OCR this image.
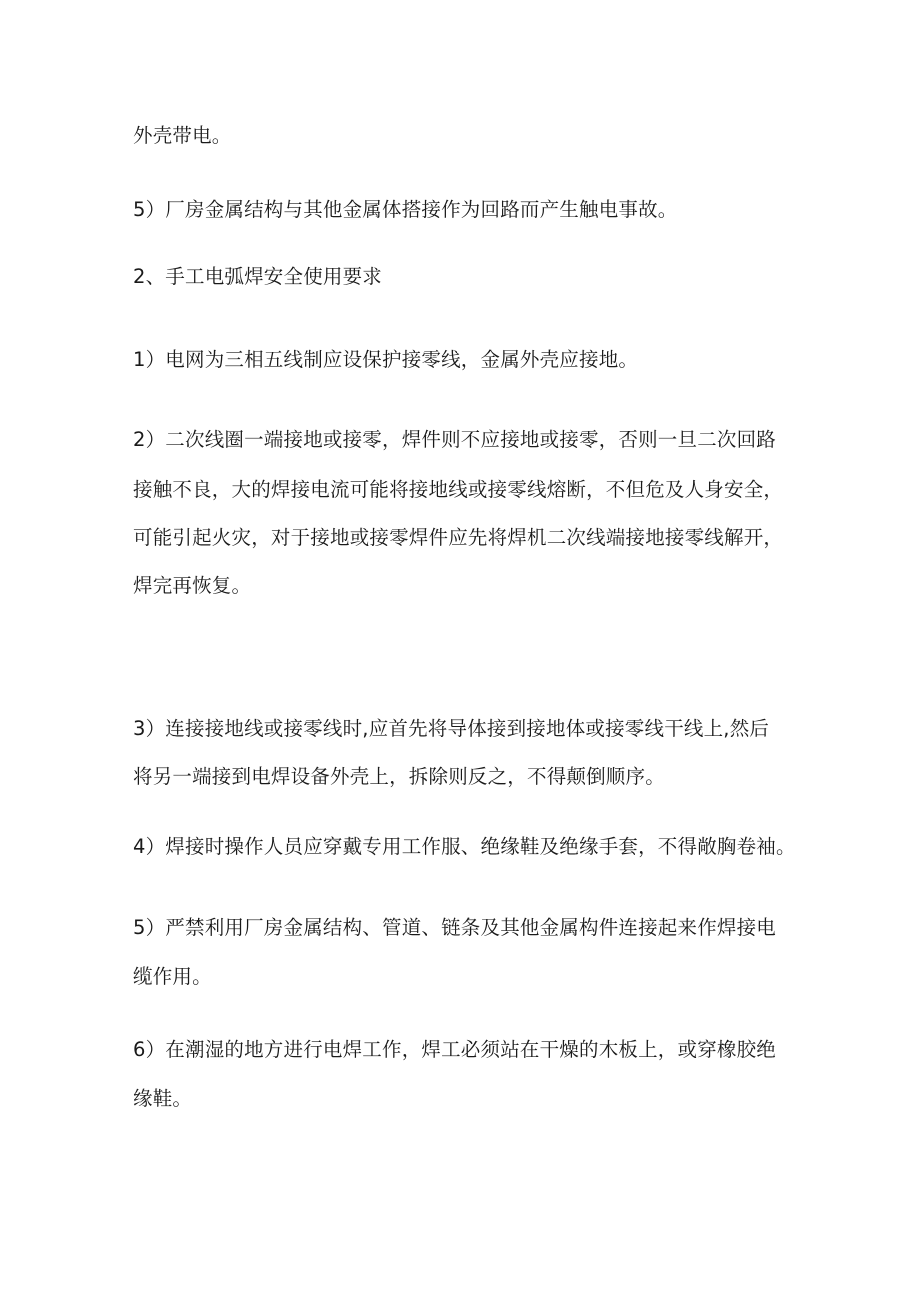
外壳带电。
5）厂房金属结构与其他金属体搭接作为回路而产生触电事故。
2、手工电弧焊安全使用要求
1）电网为三相五线制应设保护接零线，金属外壳应接地。
2）二次线圈一端接地或接零，焊件则不应接地或接零，否则一旦二次回路
接触不良，大的焊接电流可能将接地线或接零线熔断，不但危及人身安全，
可能引起火灾，对于接地或接零焊件应先将焊机二次线端接地接零线解开，
焊完再恢复。
3）连接接地线或接零线时,应首先将导体接到接地体或接零线干线上,然后
将另一端接到电焊设备外壳上，拆除则反之，不得颠倒顺序。
4）焊接时操作人员应穿戴专用工作服、绝缘鞋及绝缘手套，不得敞胸卷袖。
5）严禁利用厂房金属结构、管道、链条及其他金属构件连接起来作焊接电
缆作用。
6）在潮湿的地方进行电焊工作，焊工必须站在干燥的木板上，或穿橡胶绝
缘鞋。
